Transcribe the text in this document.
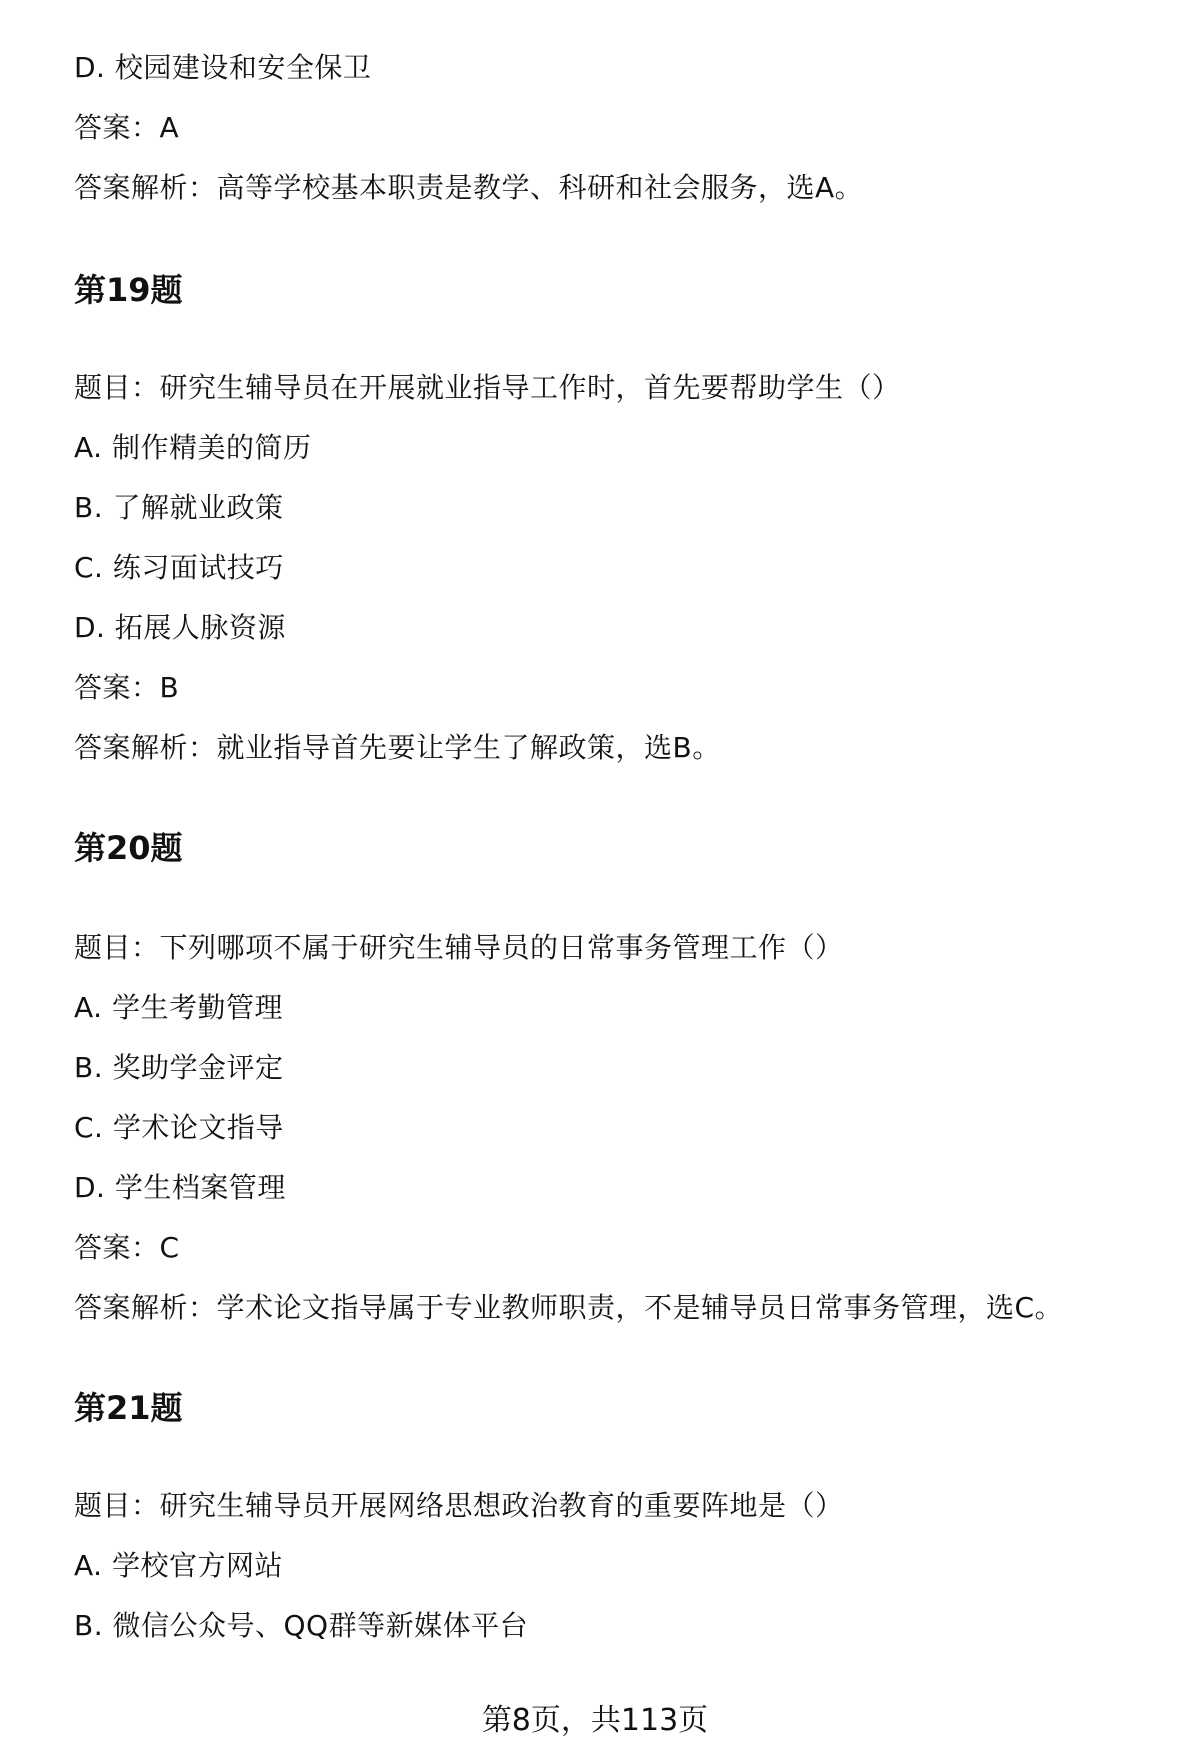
D. 校园建设和安全保卫
答案：A
答案解析：高等学校基本职责是教学、科研和社会服务，选A。
第19题
题目：研究生辅导员在开展就业指导工作时，首先要帮助学生（）
A. 制作精美的简历
B. 了解就业政策
C. 练习面试技巧
D. 拓展人脉资源
答案：B
答案解析：就业指导首先要让学生了解政策，选B。
第20题
题目：下列哪项不属于研究生辅导员的日常事务管理工作（）
A. 学生考勤管理
B. 奖助学金评定
C. 学术论文指导
D. 学生档案管理
答案：C
答案解析：学术论文指导属于专业教师职责，不是辅导员日常事务管理，选C。
第21题
题目：研究生辅导员开展网络思想政治教育的重要阵地是（）
A. 学校官方网站
B. 微信公众号、QQ群等新媒体平台
第8页，共113页
